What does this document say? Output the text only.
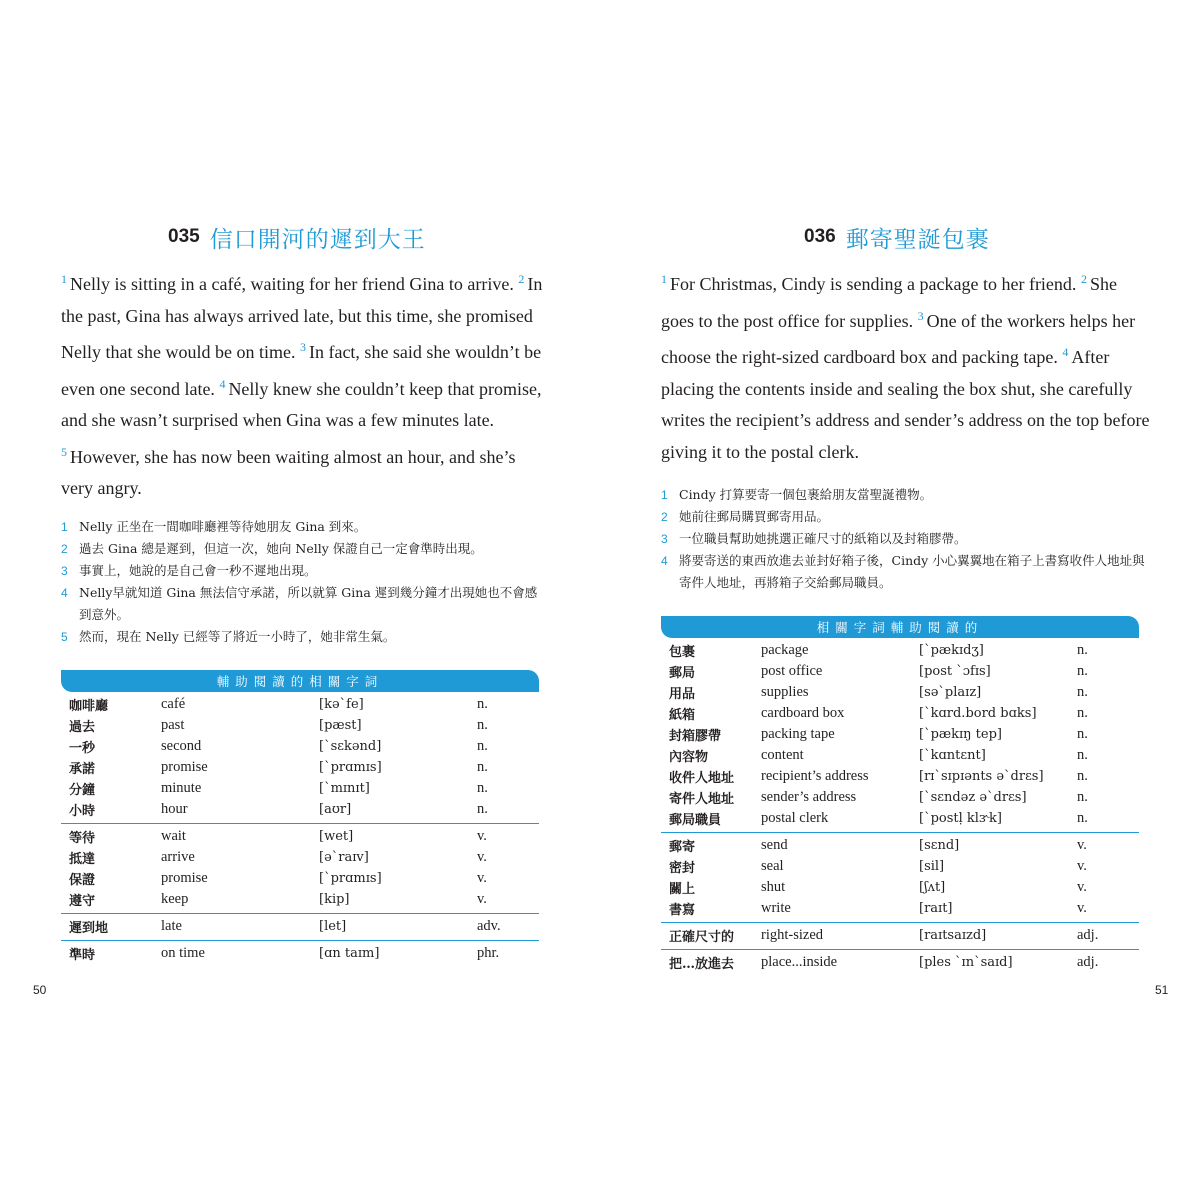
035 信口開河的遲到大王

$^1$ Nelly is sitting in a café, waiting for her friend Gina to arrive.

$^2$ In the past, Gina has always arrived late, but this time, she promised Nelly that she would be on time.

$^3$ In fact, she said she wouldn’t be even one second late.

$^4$ Nelly knew she couldn’t keep that promise, and she wasn’t surprised when Gina was a few minutes late.

$^5$ However, she has now been waiting almost an hour, and she’s very angry.

1 Nelly 正坐在一間咖啡廳裡等待她朋友 Gina 到來。
2 過去 Gina 總是遲到，但這一次，她向 Nelly 保證自己一定會準時出現。
3 事實上，她說的是自己會一秒不遲地出現。
4 Nelly早就知道 Gina 無法信守承諾，所以就算 Gina 遲到幾分鐘才出現她也不會感到意外。
5 然而，現在 Nelly 已經等了將近一小時了，她非常生氣。
輔助閱讀的相關字詞
咖啡廳	café	[kəˋfe]	n.
過去	past	[pæst]	n.
一秒	second	[ˋsɛkənd]	n.
承諾	promise	[ˋprɑmɪs]	n.
分鐘	minute	[ˋmɪnɪt]	n.
小時	hour	[aʊr]	n.
等待	wait	[wet]	v.
抵達	arrive	[əˋraɪv]	v.
保證	promise	[ˋprɑmɪs]	v.
遵守	keep	[kip]	v.
遲到地	late	[let]	adv.
準時	on time	[ɑn taɪm]	phr.
50
036 郵寄聖誕包裹

$^1$ For Christmas, Cindy is sending a package to her friend.

$^2$ She goes to the post office for supplies.

$^3$ One of the workers helps her choose the right-sized cardboard box and packing tape.

$^4$ After placing the contents inside and sealing the box shut, she carefully writes the recipient’s address and sender’s address on the top before giving it to the postal clerk.

1 Cindy 打算要寄一個包裹給朋友當聖誕禮物。
2 她前往郵局購買郵寄用品。
3 一位職員幫助她挑選正確尺寸的紙箱以及封箱膠帶。
4 將要寄送的東西放進去並封好箱子後，Cindy 小心翼翼地在箱子上書寫收件人地址與寄件人地址，再將箱子交給郵局職員。
相關字詞輔助閱讀的
包裹	package	[ˋpækɪdʒ]	n.
郵局	post office	[post ˋɔfɪs]	n.
用品	supplies	[səˋplaɪz]	n.
紙箱	cardboard box	[ˋkɑrd.bord bɑks]	n.
封箱膠帶	packing tape	[ˋpækɪŋ tep]	n.
內容物	content	[ˋkɑntɛnt]	n.
收件人地址	recipient’s address	[rɪˋsɪpɪənts əˋdrɛs]	n.
寄件人地址	sender’s address	[ˋsɛndəz əˋdrɛs]	n.
郵局職員	postal clerk	[ˋpostḷ klɝk]	n.
郵寄	send	[sɛnd]	v.
密封	seal	[sil]	v.
關上	shut	[ʃʌt]	v.
書寫	write	[raɪt]	v.
正確尺寸的	right-sized	[raɪtsaɪzd]	adj.
把…放進去	place...inside	[ples ˋɪnˋsaɪd]	adj.
51
